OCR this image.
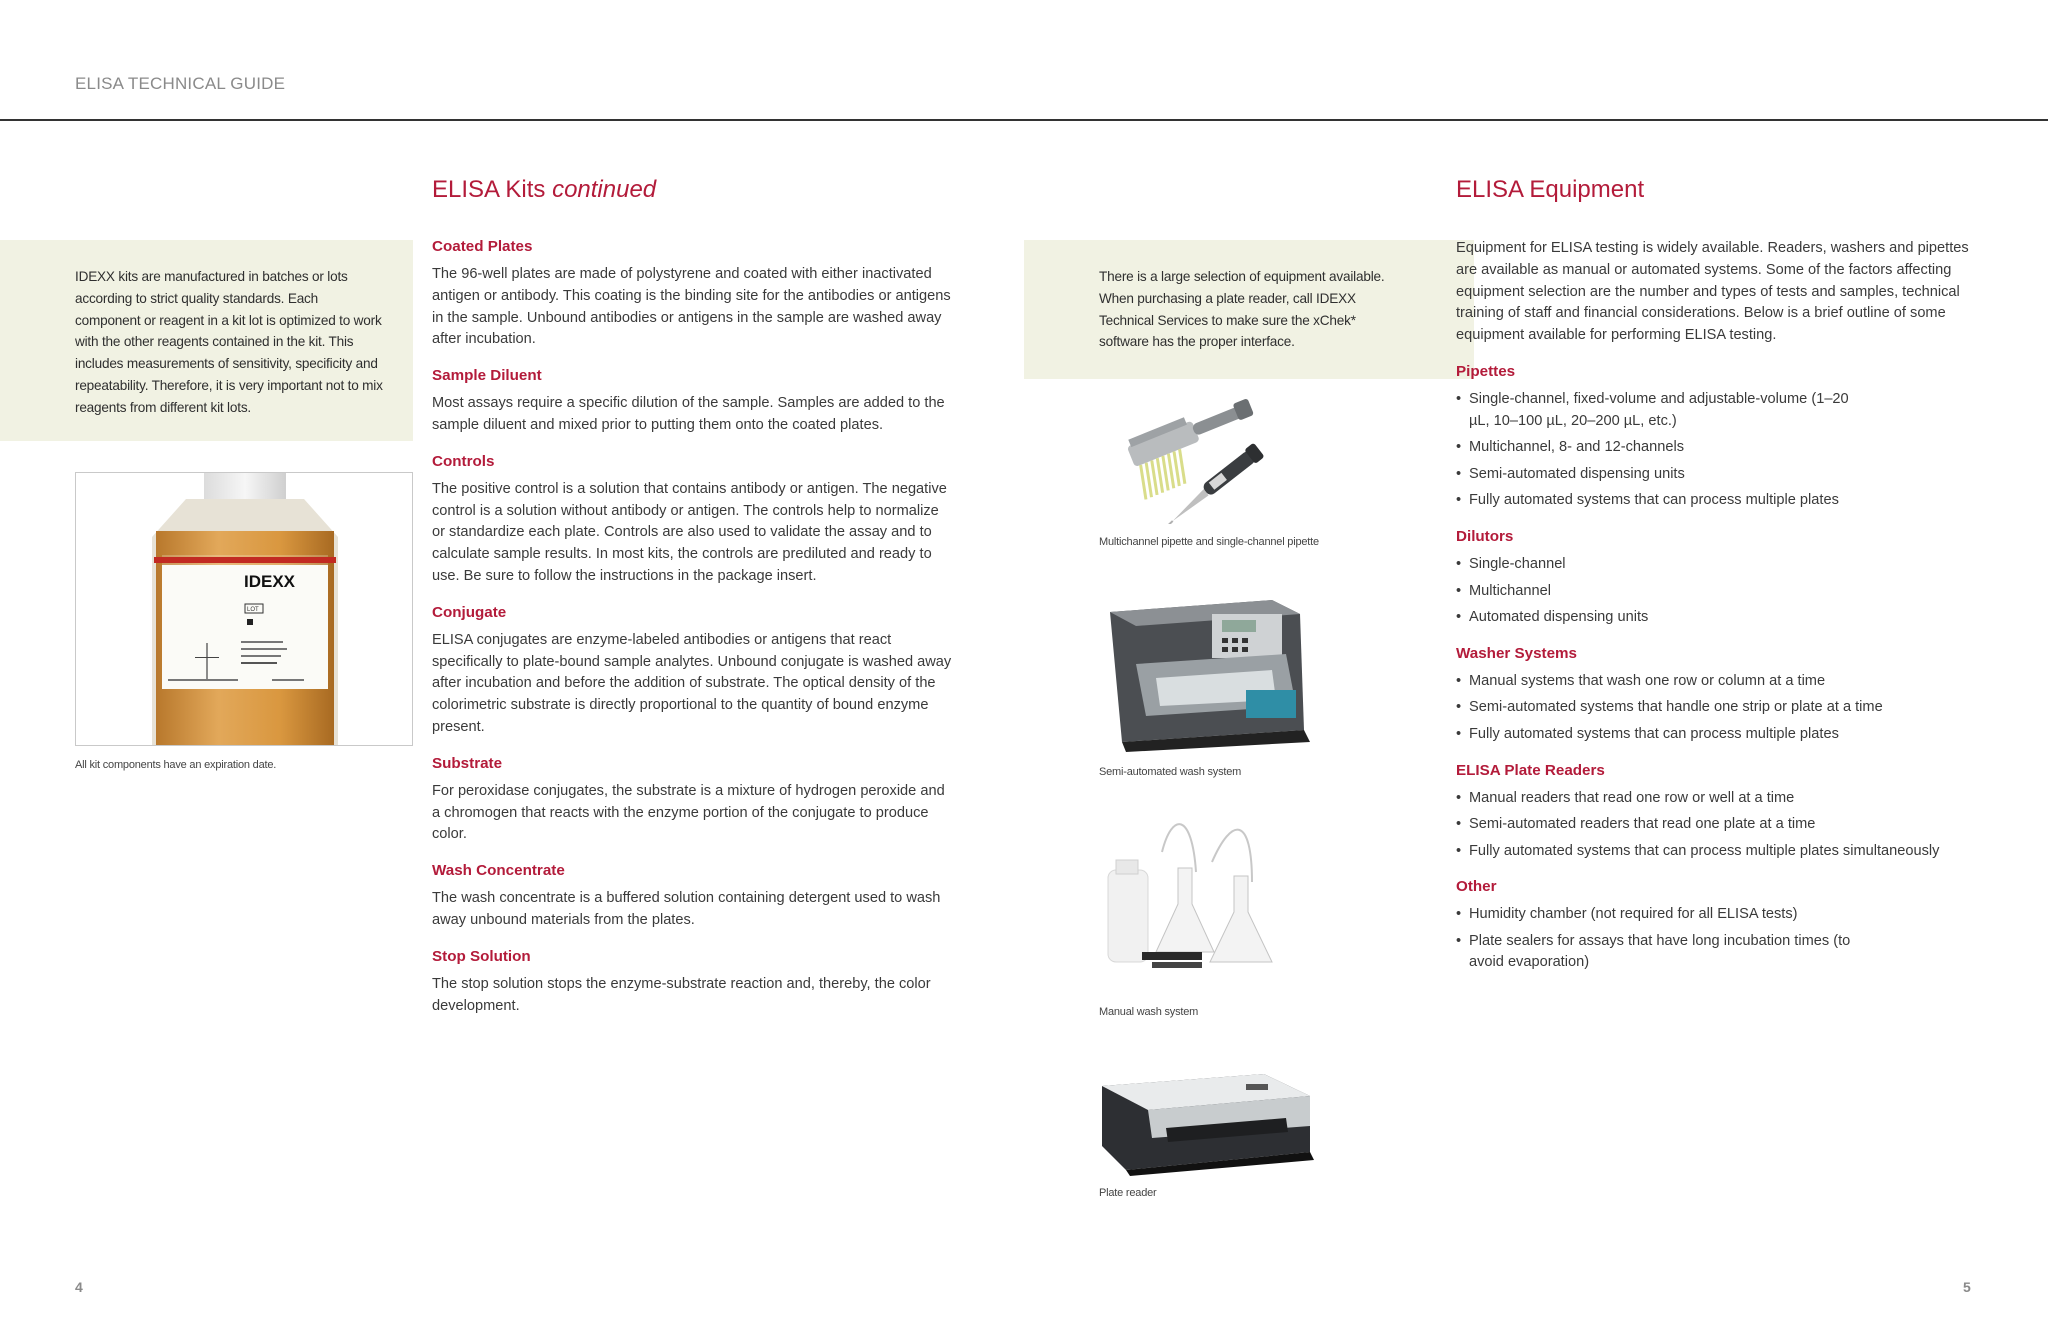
ELISA TECHNICAL GUIDE
IDEXX kits are manufactured in batches or lots according to strict quality standards. Each component or reagent in a kit lot is optimized to work with the other reagents contained in the kit. This includes measurements of sensitivity, specificity and repeatability. Therefore, it is very important not to mix reagents from different kit lots.
IDEXX
LOT
All kit components have an expiration date.
ELISA Kits continued
Coated Plates
The 96-well plates are made of polystyrene and coated with either inactivated antigen or antibody. This coating is the binding site for the antibodies or antigens in the sample. Unbound antibodies or antigens in the sample are washed away after incubation.
Sample Diluent
Most assays require a specific dilution of the sample. Samples are added to the sample diluent and mixed prior to putting them onto the coated plates.
Controls
The positive control is a solution that contains antibody or antigen. The negative control is a solution without antibody or antigen. The controls help to normalize or standardize each plate. Controls are also used to validate the assay and to calculate sample results. In most kits, the controls are prediluted and ready to use. Be sure to follow the instructions in the package insert.
Conjugate
ELISA conjugates are enzyme-labeled antibodies or antigens that react specifically to plate-bound sample analytes. Unbound conjugate is washed away after incubation and before the addition of substrate. The optical density of the colorimetric substrate is directly proportional to the quantity of bound enzyme present.
Substrate
For peroxidase conjugates, the substrate is a mixture of hydrogen peroxide and a chromogen that reacts with the enzyme portion of the conjugate to produce color.
Wash Concentrate
The wash concentrate is a buffered solution containing detergent used to wash away unbound materials from the plates.
Stop Solution
The stop solution stops the enzyme-substrate reaction and, thereby, the color development.
4
There is a large selection of equipment available. When purchasing a plate reader, call IDEXX Technical Services to make sure the xChek* software has the proper interface.
Multichannel pipette and single-channel pipette
Semi-automated wash system
Manual wash system
Plate reader
ELISA Equipment
Equipment for ELISA testing is widely available. Readers, washers and pipettes are available as manual or automated systems. Some of the factors affecting equipment selection are the number and types of tests and samples, technical training of staff and financial considerations. Below is a brief outline of some equipment available for performing ELISA testing.
Pipettes
• Single-channel, fixed-volume and adjustable-volume (1–20 µL, 10–100 µL, 20–200 µL, etc.)
• Multichannel, 8- and 12-channels
• Semi-automated dispensing units
• Fully automated systems that can process multiple plates
Dilutors
• Single-channel
• Multichannel
• Automated dispensing units
Washer Systems
• Manual systems that wash one row or column at a time
• Semi-automated systems that handle one strip or plate at a time
• Fully automated systems that can process multiple plates
ELISA Plate Readers
• Manual readers that read one row or well at a time
• Semi-automated readers that read one plate at a time
• Fully automated systems that can process multiple plates simultaneously
Other
• Humidity chamber (not required for all ELISA tests)
• Plate sealers for assays that have long incubation times (to avoid evaporation)
5
